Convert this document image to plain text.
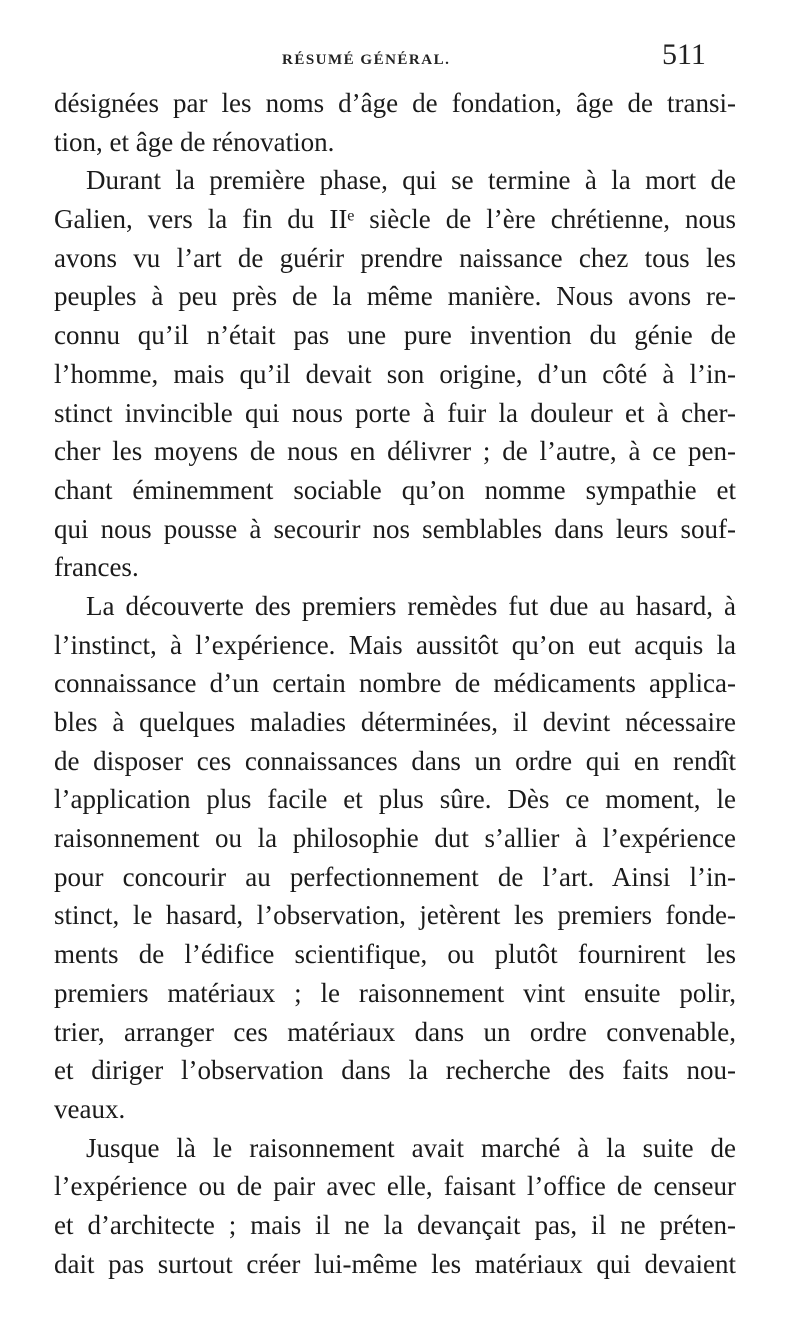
RÉSUMÉ GÉNÉRAL.	511
désignées par les noms d’âge de fondation, âge de transi-
tion, et âge de rénovation.
Durant la première phase, qui se termine à la mort de
Galien, vers la fin du IIᵉ siècle de l’ère chrétienne, nous
avons vu l’art de guérir prendre naissance chez tous les
peuples à peu près de la même manière. Nous avons re-
connu qu’il n’était pas une pure invention du génie de
l’homme, mais qu’il devait son origine, d’un côté à l’in-
stinct invincible qui nous porte à fuir la douleur et à cher-
cher les moyens de nous en délivrer ; de l’autre, à ce pen-
chant éminemment sociable qu’on nomme sympathie et
qui nous pousse à secourir nos semblables dans leurs souf-
frances.
La découverte des premiers remèdes fut due au hasard, à
l’instinct, à l’expérience. Mais aussitôt qu’on eut acquis la
connaissance d’un certain nombre de médicaments applica-
bles à quelques maladies déterminées, il devint nécessaire
de disposer ces connaissances dans un ordre qui en rendît
l’application plus facile et plus sûre. Dès ce moment, le
raisonnement ou la philosophie dut s’allier à l’expérience
pour concourir au perfectionnement de l’art. Ainsi l’in-
stinct, le hasard, l’observation, jetèrent les premiers fonde-
ments de l’édifice scientifique, ou plutôt fournirent les
premiers matériaux ; le raisonnement vint ensuite polir,
trier, arranger ces matériaux dans un ordre convenable,
et diriger l’observation dans la recherche des faits nou-
veaux.
Jusque là le raisonnement avait marché à la suite de
l’expérience ou de pair avec elle, faisant l’office de censeur
et d’architecte ; mais il ne la devançait pas, il ne préten-
dait pas surtout créer lui-même les matériaux qui devaient
